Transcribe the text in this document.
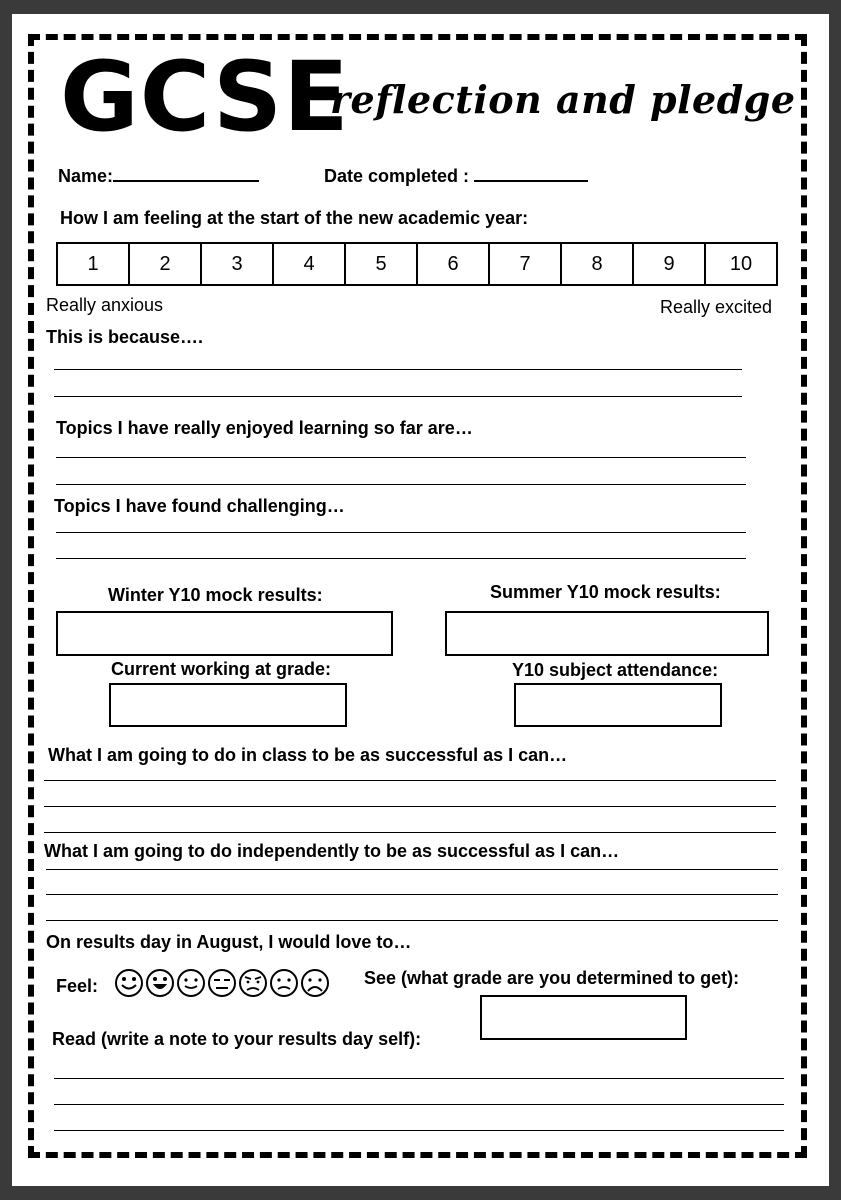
GCSE
reflection and pledge
Name:	Date completed :
How I am feeling at the start of the new academic year:
1	2	3	4	5	6	7	8	9	10
Really anxious	Really excited
This is because….
Topics I have really enjoyed learning so far are…
Topics I have found challenging…
Winter Y10 mock results:	Summer Y10 mock results:
Current working at grade:	Y10 subject attendance:
What I am going to do in class to be as successful as I can…
What I am going to do independently to be as successful as I can…
On results day in August, I would love to…
Feel:	See (what grade are you determined to get):
Read (write a note to your results day self):
